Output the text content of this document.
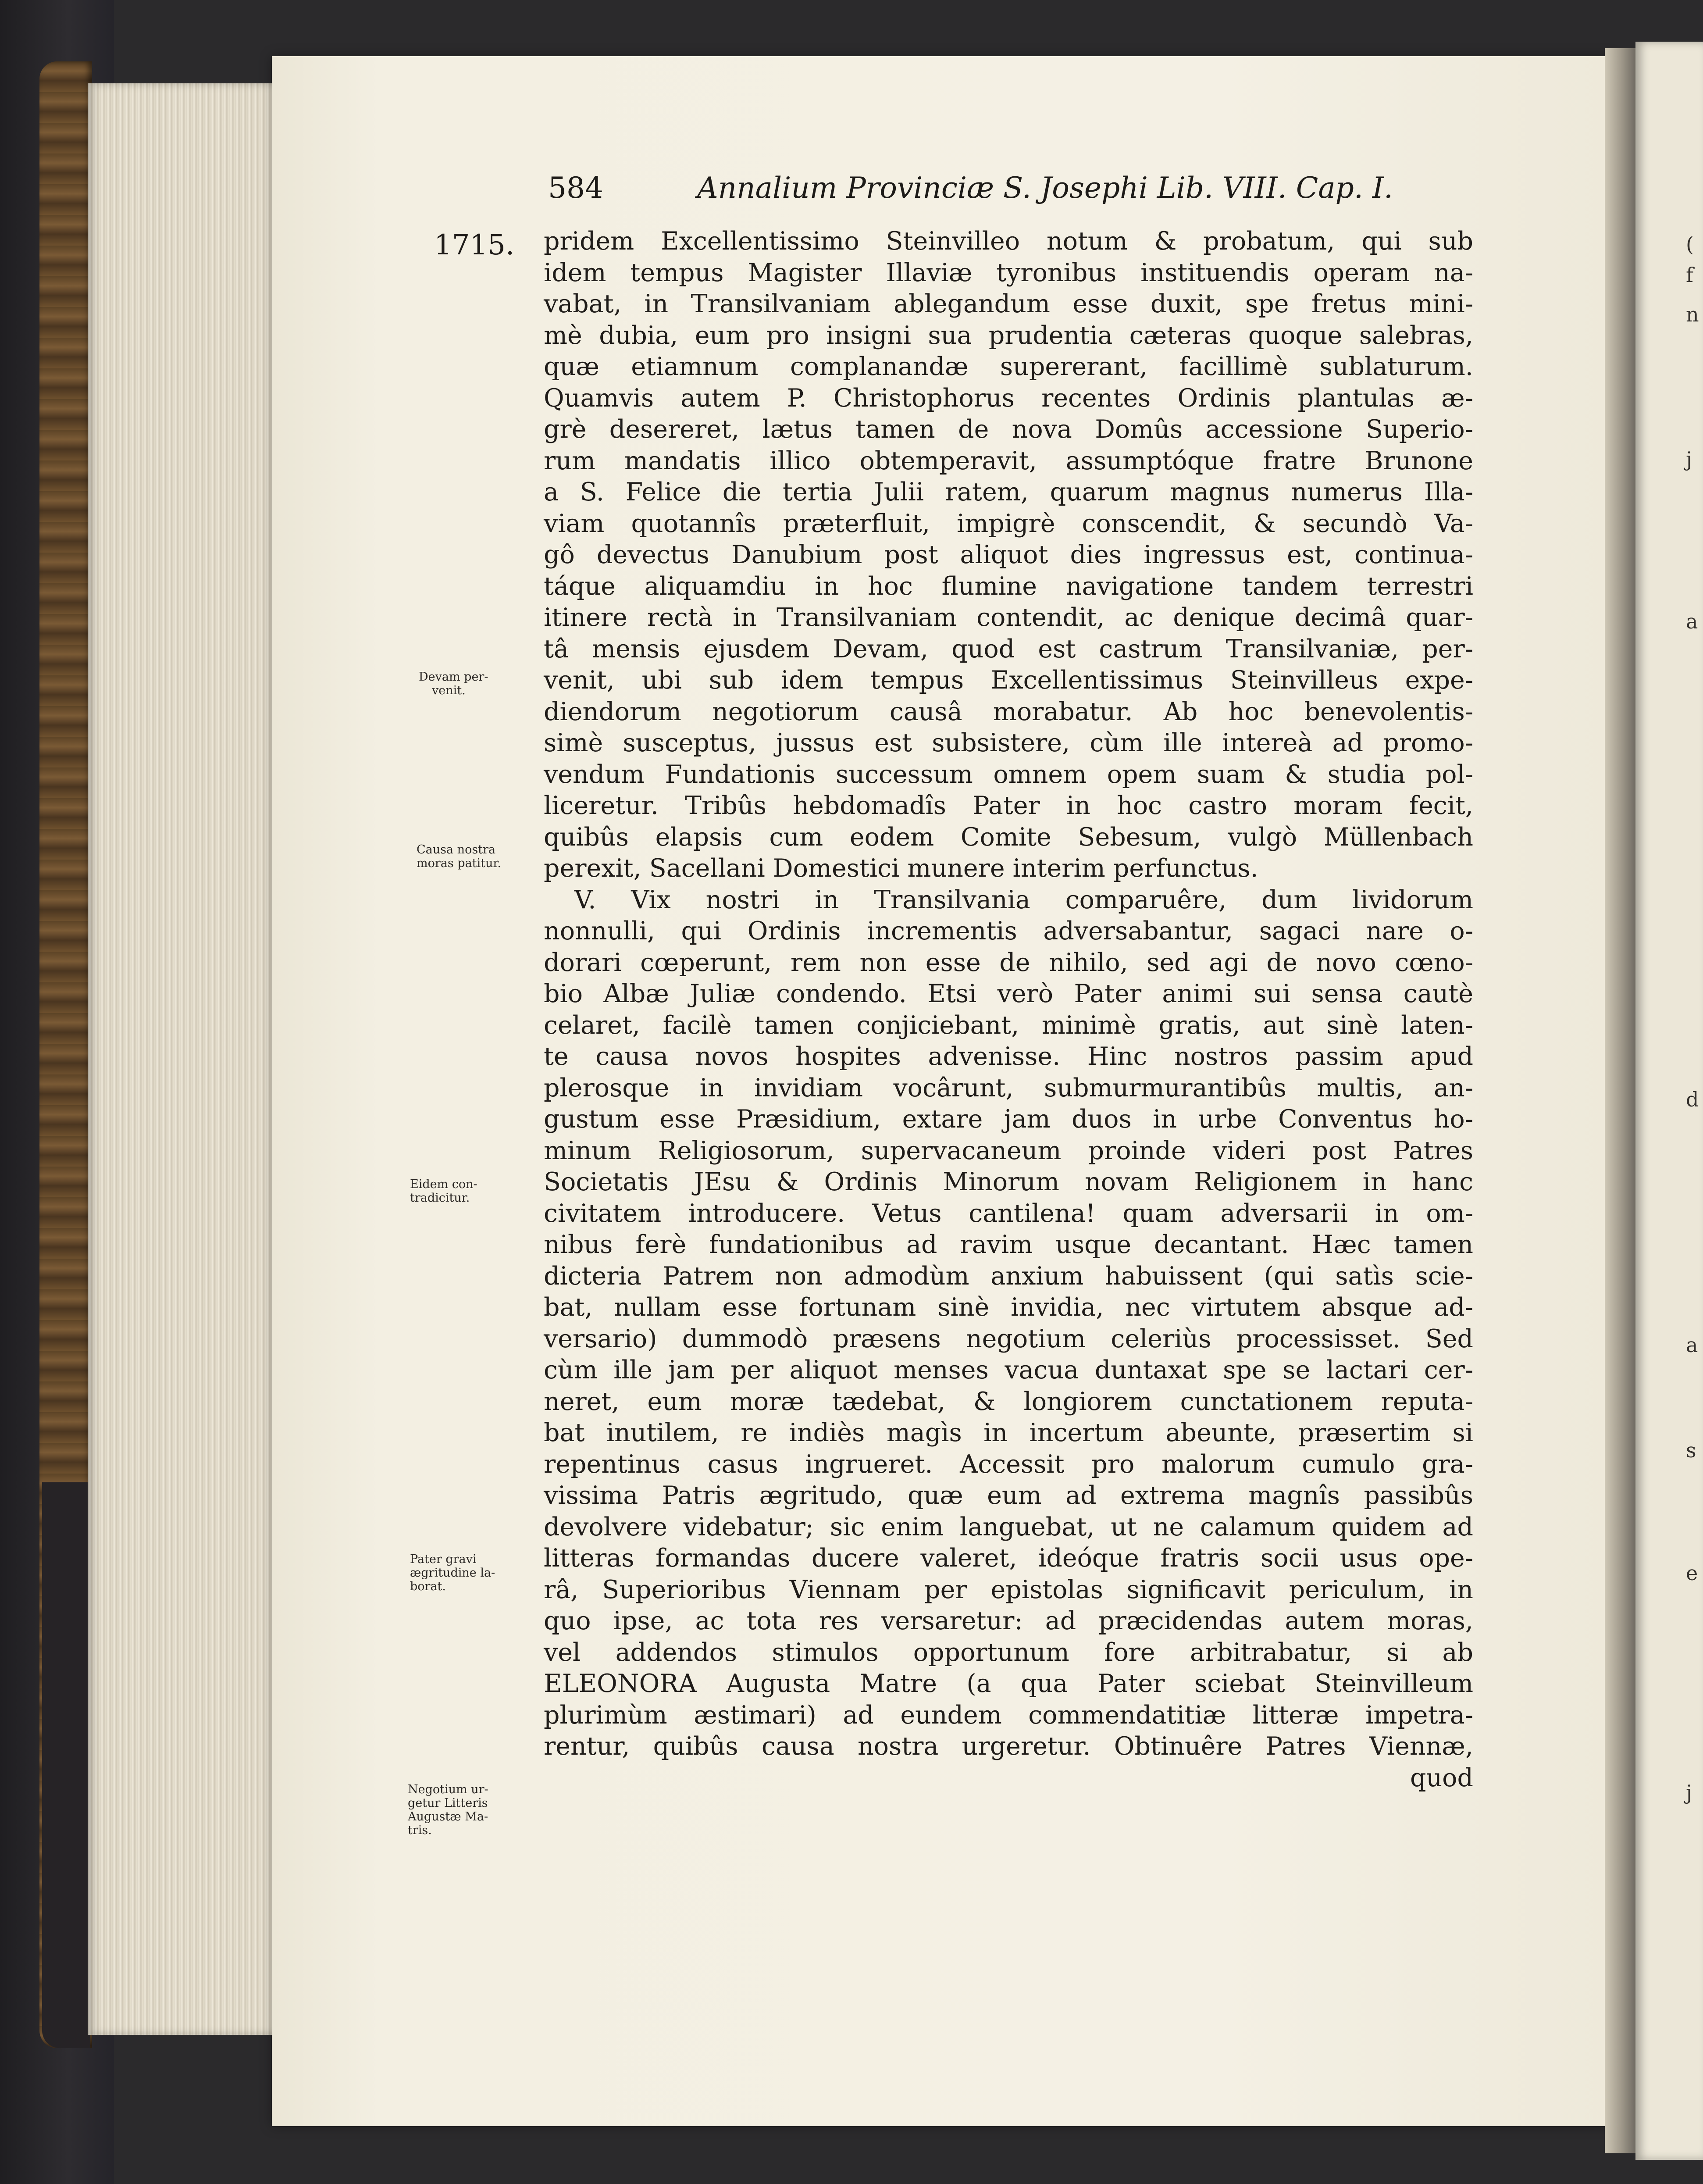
(
f
n
j
a
d
a
s
e
j
584	Annalium Provinciæ S. Josephi Lib. VIII. Cap. I.
1715.
Devam per-
venit.
Causa nostra
moras patitur.
Eidem con-
tradicitur.
Pater gravi
ægritudine la-
borat.
Negotium ur-
getur Litteris
Augustæ Ma-
tris.
pridem Excellentissimo Steinvilleo notum & probatum, qui sub
idem tempus Magister Illaviæ tyronibus instituendis operam na-
vabat, in Transilvaniam ablegandum esse duxit, spe fretus mini-
mè dubia, eum pro insigni sua prudentia cæteras quoque salebras,
quæ etiamnum complanandæ supererant, facillimè sublaturum.
Quamvis autem P. Christophorus recentes Ordinis plantulas æ-
grè desereret, lætus tamen de nova Domûs accessione Superio-
rum mandatis illico obtemperavit, assumptóque fratre Brunone
a S. Felice die tertia Julii ratem, quarum magnus numerus Illa-
viam quotannîs præterfluit, impigrè conscendit, & secundò Va-
gô devectus Danubium post aliquot dies ingressus est, continua-
táque aliquamdiu in hoc flumine navigatione tandem terrestri
itinere rectà in Transilvaniam contendit, ac denique decimâ quar-
tâ mensis ejusdem Devam, quod est castrum Transilvaniæ, per-
venit, ubi sub idem tempus Excellentissimus Steinvilleus expe-
diendorum negotiorum causâ morabatur. Ab hoc benevolentis-
simè susceptus, jussus est subsistere, cùm ille intereà ad promo-
vendum Fundationis successum omnem opem suam & studia pol-
liceretur. Tribûs hebdomadîs Pater in hoc castro moram fecit,
quibûs elapsis cum eodem Comite Sebesum, vulgò Müllenbach
perexit, Sacellani Domestici munere interim perfunctus.
V. Vix nostri in Transilvania comparuêre, dum lividorum
nonnulli, qui Ordinis incrementis adversabantur, sagaci nare o-
dorari cœperunt, rem non esse de nihilo, sed agi de novo cœno-
bio Albæ Juliæ condendo. Etsi verò Pater animi sui sensa cautè
celaret, facilè tamen conjiciebant, minimè gratis, aut sinè laten-
te causa novos hospites advenisse. Hinc nostros passim apud
plerosque in invidiam vocârunt, submurmurantibûs multis, an-
gustum esse Præsidium, extare jam duos in urbe Conventus ho-
minum Religiosorum, supervacaneum proinde videri post Patres
Societatis JEsu & Ordinis Minorum novam Religionem in hanc
civitatem introducere. Vetus cantilena! quam adversarii in om-
nibus ferè fundationibus ad ravim usque decantant. Hæc tamen
dicteria Patrem non admodùm anxium habuissent (qui satìs scie-
bat, nullam esse fortunam sinè invidia, nec virtutem absque ad-
versario) dummodò præsens negotium celeriùs processisset. Sed
cùm ille jam per aliquot menses vacua duntaxat spe se lactari cer-
neret, eum moræ tædebat, & longiorem cunctationem reputa-
bat inutilem, re indiès magìs in incertum abeunte, præsertim si
repentinus casus ingrueret. Accessit pro malorum cumulo gra-
vissima Patris ægritudo, quæ eum ad extrema magnîs passibûs
devolvere videbatur; sic enim languebat, ut ne calamum quidem ad
litteras formandas ducere valeret, ideóque fratris socii usus ope-
râ, Superioribus Viennam per epistolas significavit periculum, in
quo ipse, ac tota res versaretur: ad præcidendas autem moras,
vel addendos stimulos opportunum fore arbitrabatur, si ab
ELEONORA Augusta Matre (a qua Pater sciebat Steinvilleum
plurimùm æstimari) ad eundem commendatitiæ litteræ impetra-
rentur, quibûs causa nostra urgeretur. Obtinuêre Patres Viennæ,
quod
